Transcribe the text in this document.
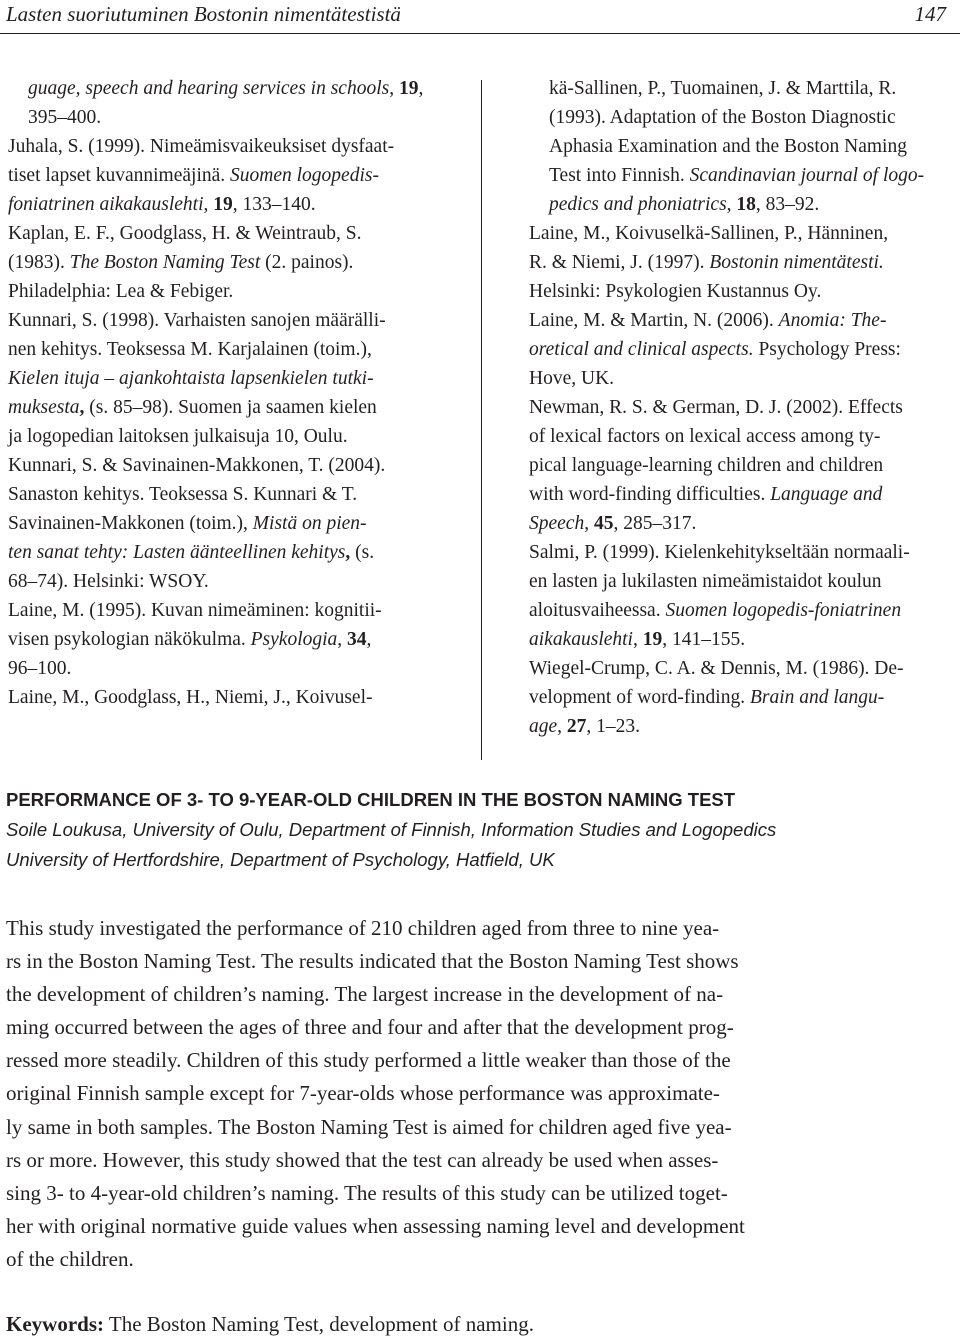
Lasten suoriutuminen Bostonin nimentätestistä	147
guage, speech and hearing services in schools, 19,
395–400.
Juhala, S. (1999). Nimeämisvaikeuksiset dysfaat-
tiset lapset kuvannimeäjinä. Suomen logopedis-
foniatrinen aikakauslehti, 19, 133–140.
Kaplan, E. F., Goodglass, H. & Weintraub, S.
(1983). The Boston Naming Test (2. painos).
Philadelphia: Lea & Febiger.
Kunnari, S. (1998). Varhaisten sanojen määrälli-
nen kehitys. Teoksessa M. Karjalainen (toim.),
Kielen ituja – ajankohtaista lapsenkielen tutki-
muksesta, (s. 85–98). Suomen ja saamen kielen
ja logopedian laitoksen julkaisuja 10, Oulu.
Kunnari, S. & Savinainen-Makkonen, T. (2004).
Sanaston kehitys. Teoksessa S. Kunnari & T.
Savinainen-Makkonen (toim.), Mistä on pien-
ten sanat tehty: Lasten äänteellinen kehitys, (s.
68–74). Helsinki: WSOY.
Laine, M. (1995). Kuvan nimeäminen: kognitii-
visen psykologian näkökulma. Psykologia, 34,
96–100.
Laine, M., Goodglass, H., Niemi, J., Koivusel-
kä-Sallinen, P., Tuomainen, J. & Marttila, R.
(1993). Adaptation of the Boston Diagnostic
Aphasia Examination and the Boston Naming
Test into Finnish. Scandinavian journal of logo-
pedics and phoniatrics, 18, 83–92.
Laine, M., Koivuselkä-Sallinen, P., Hänninen,
R. & Niemi, J. (1997). Bostonin nimentätesti.
Helsinki: Psykologien Kustannus Oy.
Laine, M. & Martin, N. (2006). Anomia: The-
oretical and clinical aspects. Psychology Press:
Hove, UK.
Newman, R. S. & German, D. J. (2002). Effects
of lexical factors on lexical access among ty-
pical language-learning children and children
with word-finding difficulties. Language and
Speech, 45, 285–317.
Salmi, P. (1999). Kielenkehitykseltään normaali-
en lasten ja lukilasten nimeämistaidot koulun
aloitusvaiheessa. Suomen logopedis-foniatrinen
aikakauslehti, 19, 141–155.
Wiegel-Crump, C. A. & Dennis, M. (1986). De-
velopment of word-finding. Brain and langu-
age, 27, 1–23.
PERFORMANCE OF 3- TO 9-YEAR-OLD CHILDREN IN THE BOSTON NAMING TEST
Soile Loukusa, University of Oulu, Department of Finnish, Information Studies and Logopedics
University of Hertfordshire, Department of Psychology, Hatfield, UK
This study investigated the performance of 210 children aged from three to nine yea-
rs in the Boston Naming Test. The results indicated that the Boston Naming Test shows
the development of children’s naming. The largest increase in the development of na-
ming occurred between the ages of three and four and after that the development prog-
ressed more steadily. Children of this study performed a little weaker than those of the
original Finnish sample except for 7-year-olds whose performance was approximate-
ly same in both samples. The Boston Naming Test is aimed for children aged five yea-
rs or more. However, this study showed that the test can already be used when asses-
sing 3- to 4-year-old children’s naming. The results of this study can be utilized toget-
her with original normative guide values when assessing naming level and development
of the children.
Keywords: The Boston Naming Test, development of naming.
